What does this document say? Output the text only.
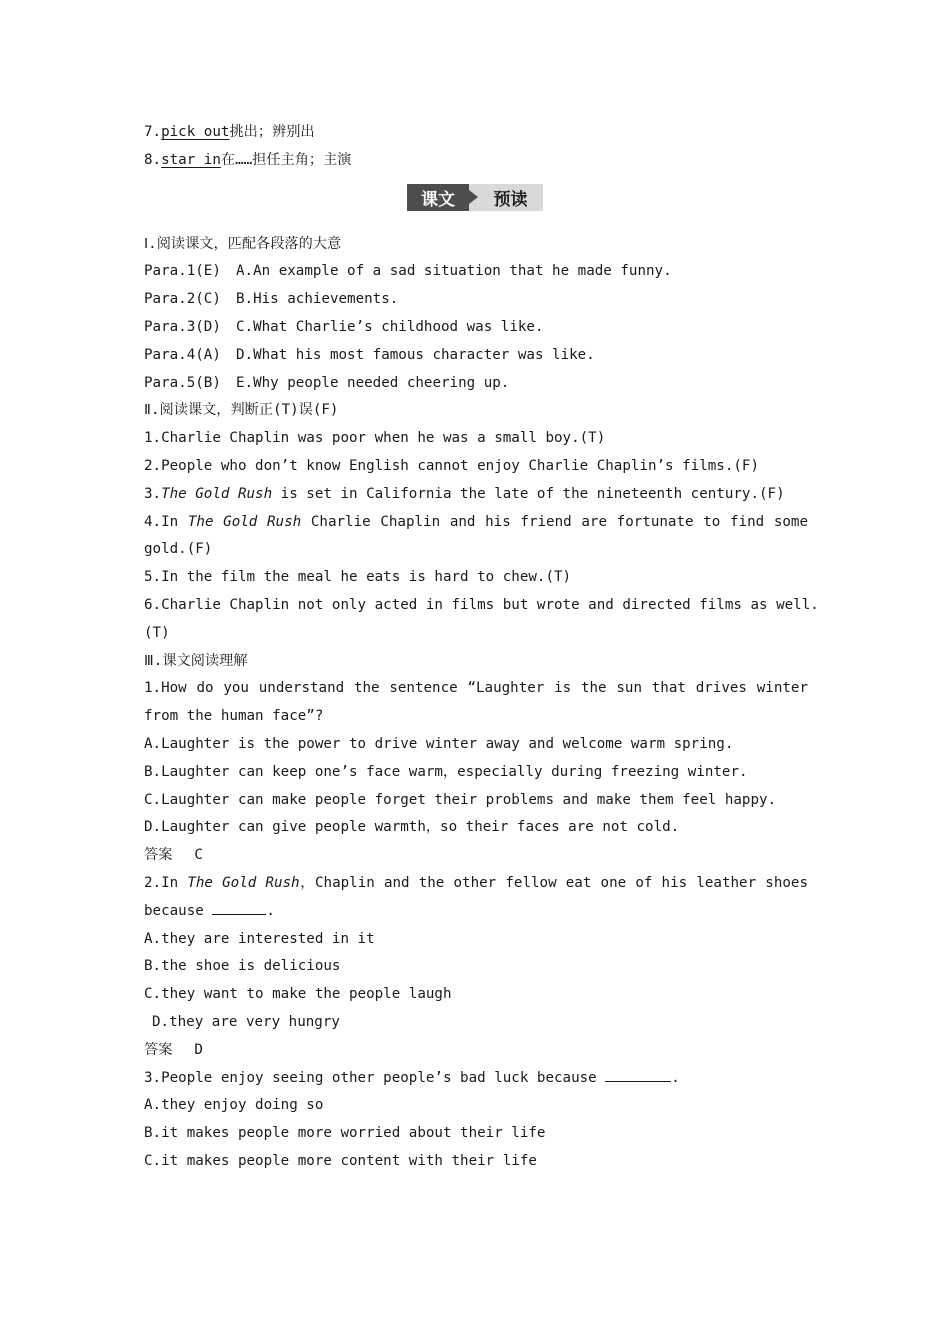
7.pick out挑出；辨别出
8.star in在……担任主角；主演
课文	预读
Ⅰ.阅读课文，匹配各段落的大意
Para.1(E) A.An example of a sad situation that he made funny.
Para.2(C) B.His achievements.
Para.3(D) C.What Charlie’s childhood was like.
Para.4(A) D.What his most famous character was like.
Para.5(B) E.Why people needed cheering up.
Ⅱ.阅读课文，判断正(T)误(F)
1.Charlie Chaplin was poor when he was a small boy.(T)
2.People who don’t know English cannot enjoy Charlie Chaplin’s films.(F)
3.The Gold Rush is set in California the late of the nineteenth century.(F)
4.In The Gold Rush Charlie Chaplin and his friend are fortunate to find some
gold.(F)
5.In the film the meal he eats is hard to chew.(T)
6.Charlie Chaplin not only acted in films but wrote and directed films as well.
(T)
Ⅲ.课文阅读理解
1.How do you understand the sentence “Laughter is the sun that drives winter
from the human face”?
A.Laughter is the power to drive winter away and welcome warm spring.
B.Laughter can keep one’s face warm，especially during freezing winter.
C.Laughter can make people forget their problems and make them feel happy.
D.Laughter can give people warmth，so their faces are not cold.
答案 C
2.In The Gold Rush，Chaplin and the other fellow eat one of his leather shoes
because	.
A.they are interested in it
B.the shoe is delicious
C.they want to make the people laugh
D.they are very hungry
答案 D
3.People enjoy seeing other people’s bad luck because	.
A.they enjoy doing so
B.it makes people more worried about their life
C.it makes people more content with their life
